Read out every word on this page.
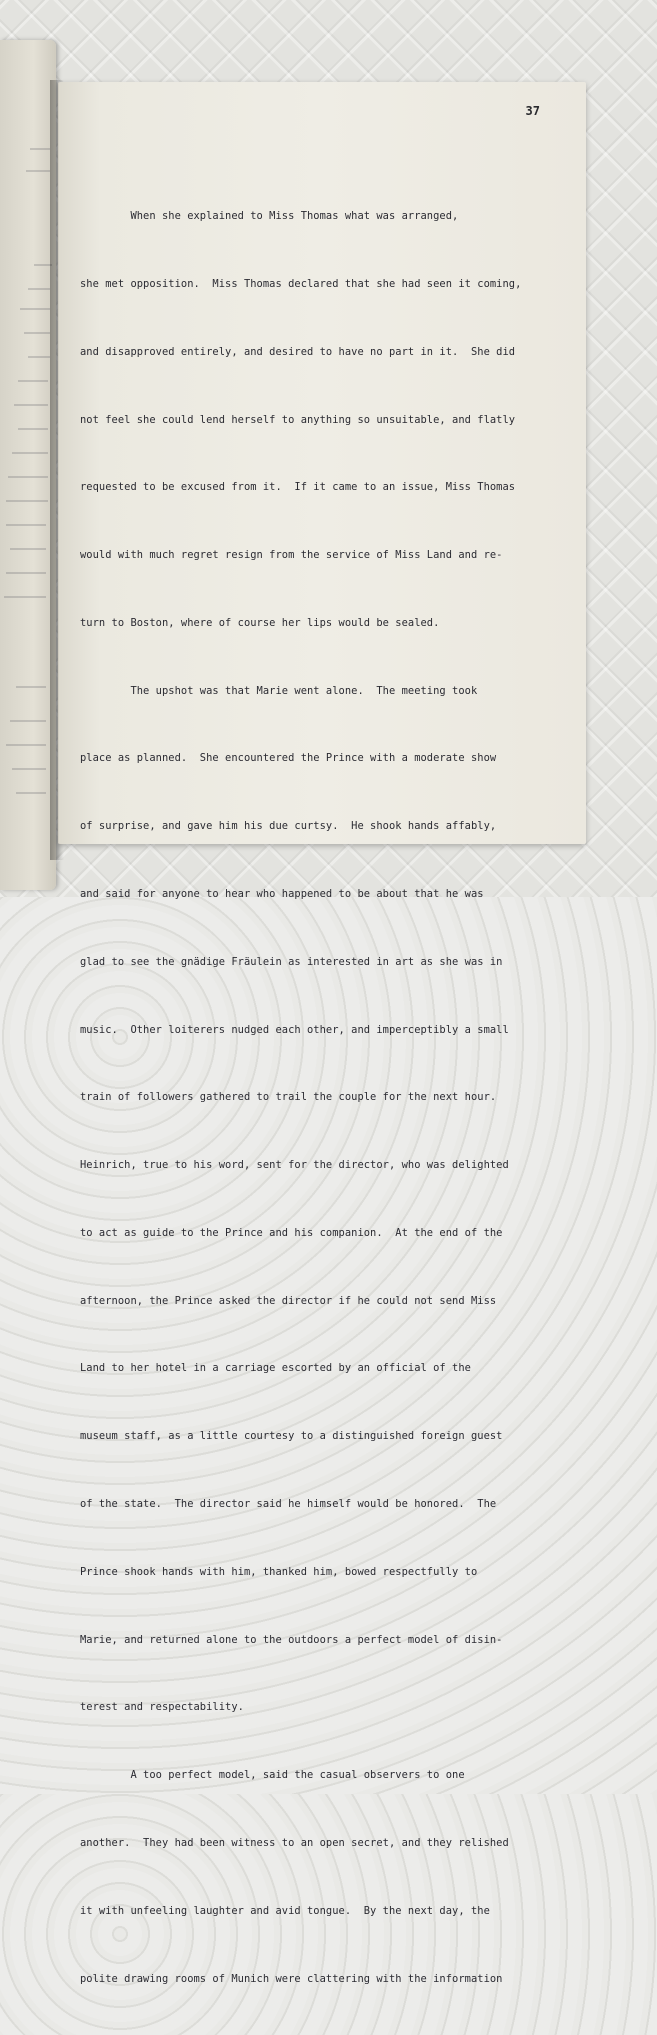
37

When she explained to Miss Thomas what was arranged,

she met opposition.  Miss Thomas declared that she had seen it coming,

and disapproved entirely, and desired to have no part in it.  She did

not feel she could lend herself to anything so unsuitable, and flatly

requested to be excused from it.  If it came to an issue, Miss Thomas

would with much regret resign from the service of Miss Land and re-

turn to Boston, where of course her lips would be sealed.

The upshot was that Marie went alone.  The meeting took

place as planned.  She encountered the Prince with a moderate show

of surprise, and gave him his due curtsy.  He shook hands affably,

and said for anyone to hear who happened to be about that he was

glad to see the gnädige Fräulein as interested in art as she was in

music.  Other loiterers nudged each other, and imperceptibly a small

train of followers gathered to trail the couple for the next hour.

Heinrich, true to his word, sent for the director, who was delighted

to act as guide to the Prince and his companion.  At the end of the

afternoon, the Prince asked the director if he could not send Miss

Land to her hotel in a carriage escorted by an official of the

museum staff, as a little courtesy to a distinguished foreign guest

of the state.  The director said he himself would be honored.  The

Prince shook hands with him, thanked him, bowed respectfully to

Marie, and returned alone to the outdoors a perfect model of disin-

terest and respectability.

A too perfect model, said the casual observers to one

another.  They had been witness to an open secret, and they relished

it with unfeeling laughter and avid tongue.  By the next day, the

polite drawing rooms of Munich were clattering with the information
